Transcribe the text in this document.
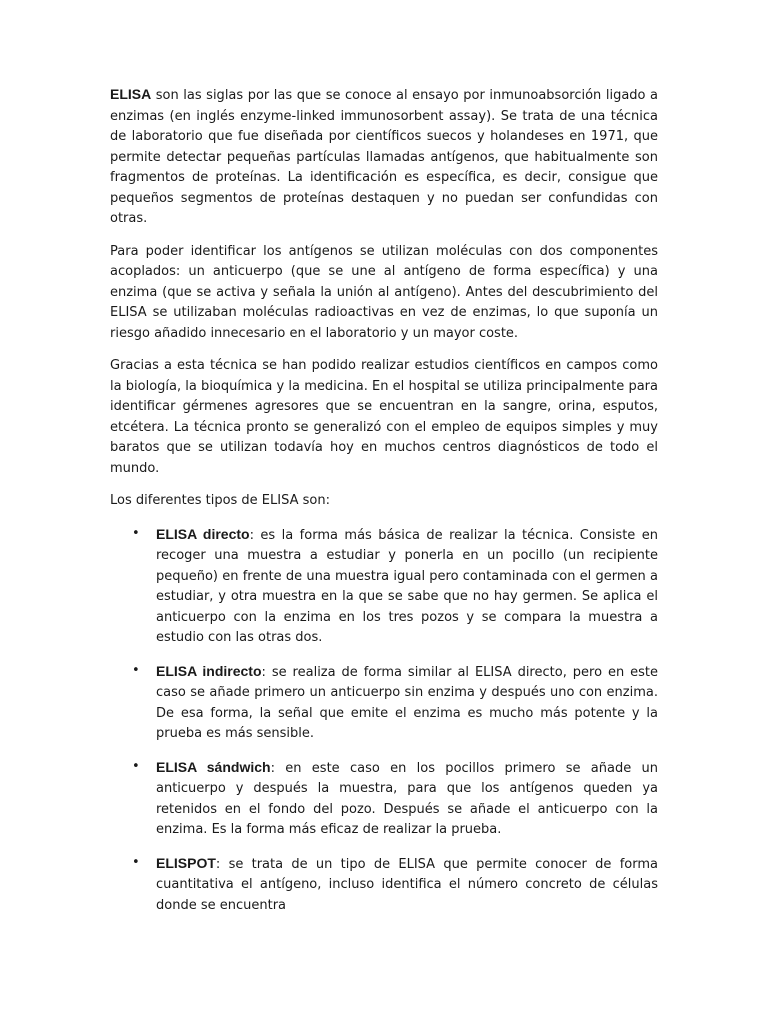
ELISA son las siglas por las que se conoce al ensayo por inmunoabsorción ligado a enzimas (en inglés enzyme-linked immunosorbent assay). Se trata de una técnica de laboratorio que fue diseñada por científicos suecos y holandeses en 1971, que permite detectar pequeñas partículas llamadas antígenos, que habitualmente son fragmentos de proteínas. La identificación es específica, es decir, consigue que pequeños segmentos de proteínas destaquen y no puedan ser confundidas con otras.

Para poder identificar los antígenos se utilizan moléculas con dos componentes acoplados: un anticuerpo (que se une al antígeno de forma específica) y una enzima (que se activa y señala la unión al antígeno). Antes del descubrimiento del ELISA se utilizaban moléculas radioactivas en vez de enzimas, lo que suponía un riesgo añadido innecesario en el laboratorio y un mayor coste.

Gracias a esta técnica se han podido realizar estudios científicos en campos como la biología, la bioquímica y la medicina. En el hospital se utiliza principalmente para identificar gérmenes agresores que se encuentran en la sangre, orina, esputos, etcétera. La técnica pronto se generalizó con el empleo de equipos simples y muy baratos que se utilizan todavía hoy en muchos centros diagnósticos de todo el mundo.

Los diferentes tipos de ELISA son:

• ELISA directo: es la forma más básica de realizar la técnica. Consiste en recoger una muestra a estudiar y ponerla en un pocillo (un recipiente pequeño) en frente de una muestra igual pero contaminada con el germen a estudiar, y otra muestra en la que se sabe que no hay germen. Se aplica el anticuerpo con la enzima en los tres pozos y se compara la muestra a estudio con las otras dos.
• ELISA indirecto: se realiza de forma similar al ELISA directo, pero en este caso se añade primero un anticuerpo sin enzima y después uno con enzima. De esa forma, la señal que emite el enzima es mucho más potente y la prueba es más sensible.
• ELISA sándwich: en este caso en los pocillos primero se añade un anticuerpo y después la muestra, para que los antígenos queden ya retenidos en el fondo del pozo. Después se añade el anticuerpo con la enzima. Es la forma más eficaz de realizar la prueba.
• ELISPOT: se trata de un tipo de ELISA que permite conocer de forma cuantitativa el antígeno, incluso identifica el número concreto de células donde se encuentra
